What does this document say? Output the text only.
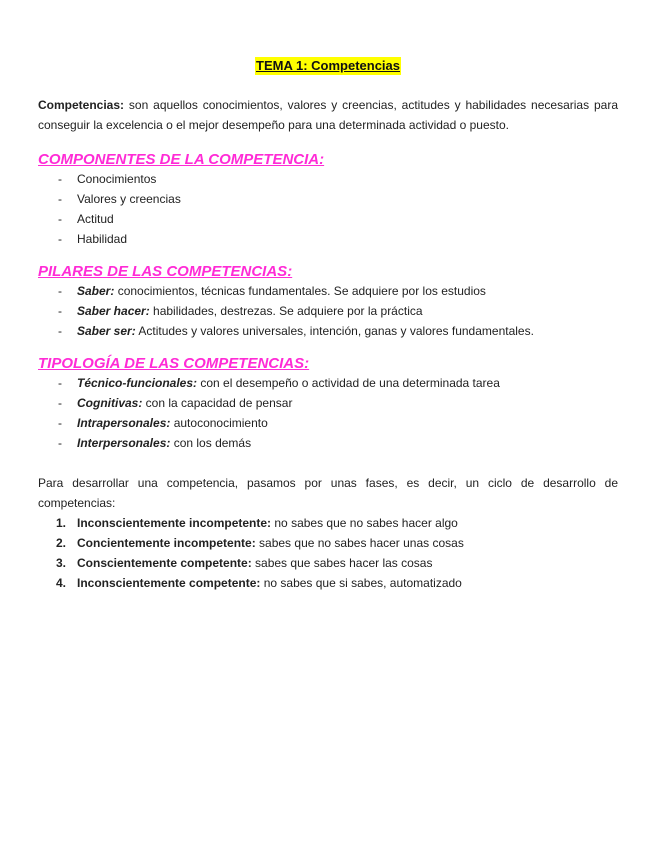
TEMA 1: Competencias

Competencias: son aquellos conocimientos, valores y creencias, actitudes y habilidades necesarias para conseguir la excelencia o el mejor desempeño para una determinada actividad o puesto.

COMPONENTES DE LA COMPETENCIA:
- Conocimientos
- Valores y creencias
- Actitud
- Habilidad
PILARES DE LAS COMPETENCIAS:
- Saber: conocimientos, técnicas fundamentales. Se adquiere por los estudios
- Saber hacer: habilidades, destrezas. Se adquiere por la práctica
- Saber ser: Actitudes y valores universales, intención, ganas y valores fundamentales.
TIPOLOGÍA DE LAS COMPETENCIAS:
- Técnico-funcionales: con el desempeño o actividad de una determinada tarea
- Cognitivas: con la capacidad de pensar
- Intrapersonales: autoconocimiento
- Interpersonales: con los demás

Para desarrollar una competencia, pasamos por unas fases, es decir, un ciclo de desarrollo de competencias:

1. Inconscientemente incompetente: no sabes que no sabes hacer algo
2. Concientemente incompetente: sabes que no sabes hacer unas cosas
3. Conscientemente competente: sabes que sabes hacer las cosas
4. Inconscientemente competente: no sabes que si sabes, automatizado
